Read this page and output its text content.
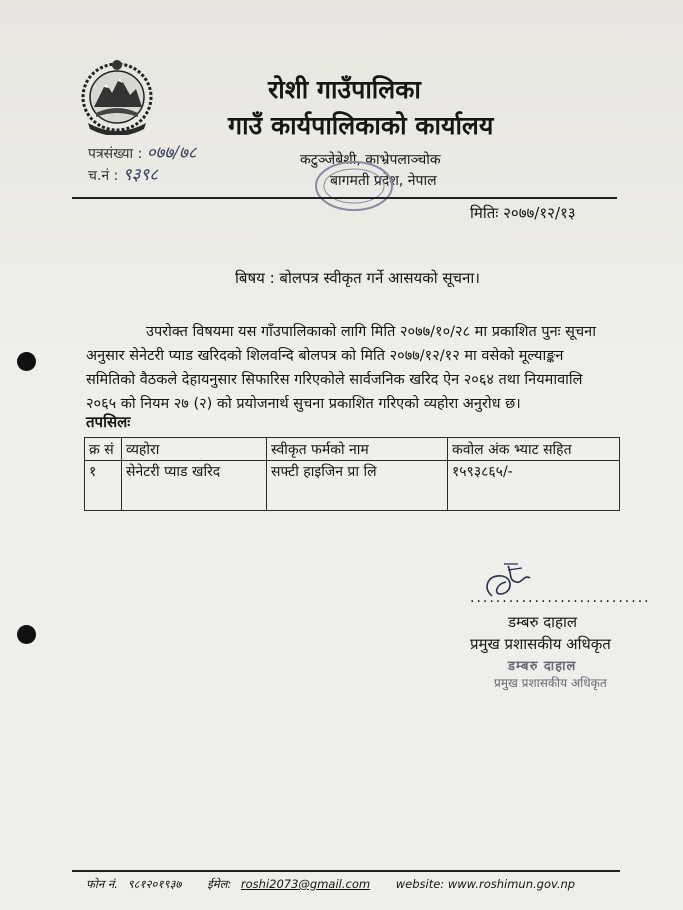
रोशी गाउँपालिका
गाउँ कार्यपालिकाको कार्यालय
कटुञ्जेबेशी, काभ्रेपलाञ्चोक
बागमती प्रदेश, नेपाल
पत्रसंख्या : ०७७/७८
च.नं : ९३९८
मितिः २०७७/१२/१३
बिषय : बोलपत्र स्वीकृत गर्ने आसयको सूचना।

उपरोक्त विषयमा यस गाँउपालिकाको लागि मिति २०७७/१०/२८ मा प्रकाशित पुनः सूचना

अनुसार सेनेटरी प्याड खरिदको शिलवन्दि बोलपत्र को मिति २०७७/१२/१२ मा वसेको मूल्याङ्कन

समितिको वैठकले देहायनुसार सिफारिस गरिएकोले सार्वजनिक खरिद ऐन २०६४ तथा नियमावालि

२०६५ को नियम २७ (२) को प्रयोजनार्थ सुचना प्रकाशित गरिएको व्यहोरा अनुरोध छ।

तपसिलः
क्र सं	व्यहोरा	स्वीकृत फर्मको नाम	कवोल अंक भ्याट सहित
१	सेनेटरी प्याड खरिद	सफ्टी हाइजिन प्रा लि	१५९३८६५/-
............................
डम्बरु दाहाल
प्रमुख प्रशासकीय अधिकृत
डम्बरु दाहाल
प्रमुख प्रशासकीय अधिकृत
फोन नं. ९८१२०१९३७ ईमेल: roshi2073@gmail.com website: www.roshimun.gov.np
